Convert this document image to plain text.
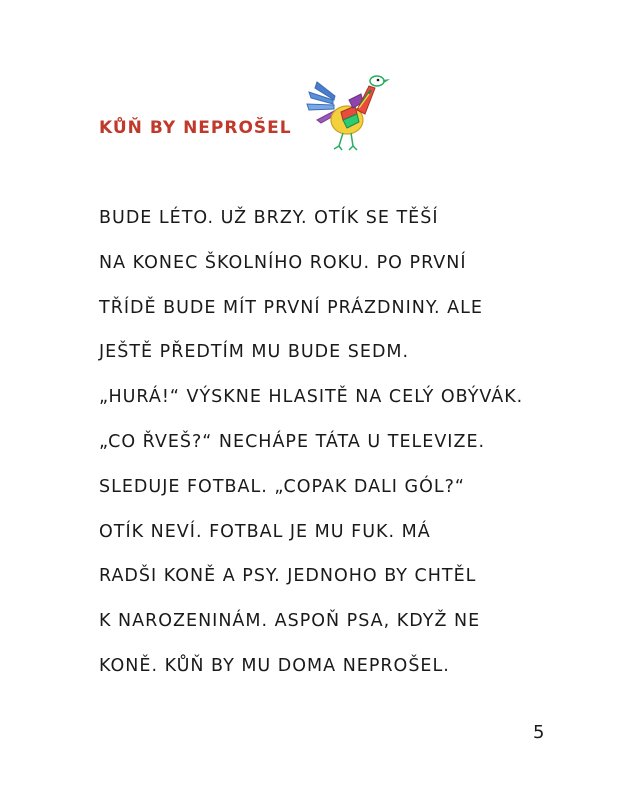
KŮŇ BY NEPROŠEL
BUDE LÉTO. UŽ BRZY. OTÍK SE TĚŠÍ
NA KONEC ŠKOLNÍHO ROKU. PO PRVNÍ
TŘÍDĚ BUDE MÍT PRVNÍ PRÁZDNINY. ALE
JEŠTĚ PŘEDTÍM MU BUDE SEDM.
„HURÁ!“ VÝSKNE HLASITĚ NA CELÝ OBÝVÁK.
„CO ŘVEŠ?“ NECHÁPE TÁTA U TELEVIZE.
SLEDUJE FOTBAL. „COPAK DALI GÓL?“
OTÍK NEVÍ. FOTBAL JE MU FUK. MÁ
RADŠI KONĚ A PSY. JEDNOHO BY CHTĚL
K NAROZENINÁM. ASPOŇ PSA, KDYŽ NE
KONĚ. KŮŇ BY MU DOMA NEPROŠEL.
5
